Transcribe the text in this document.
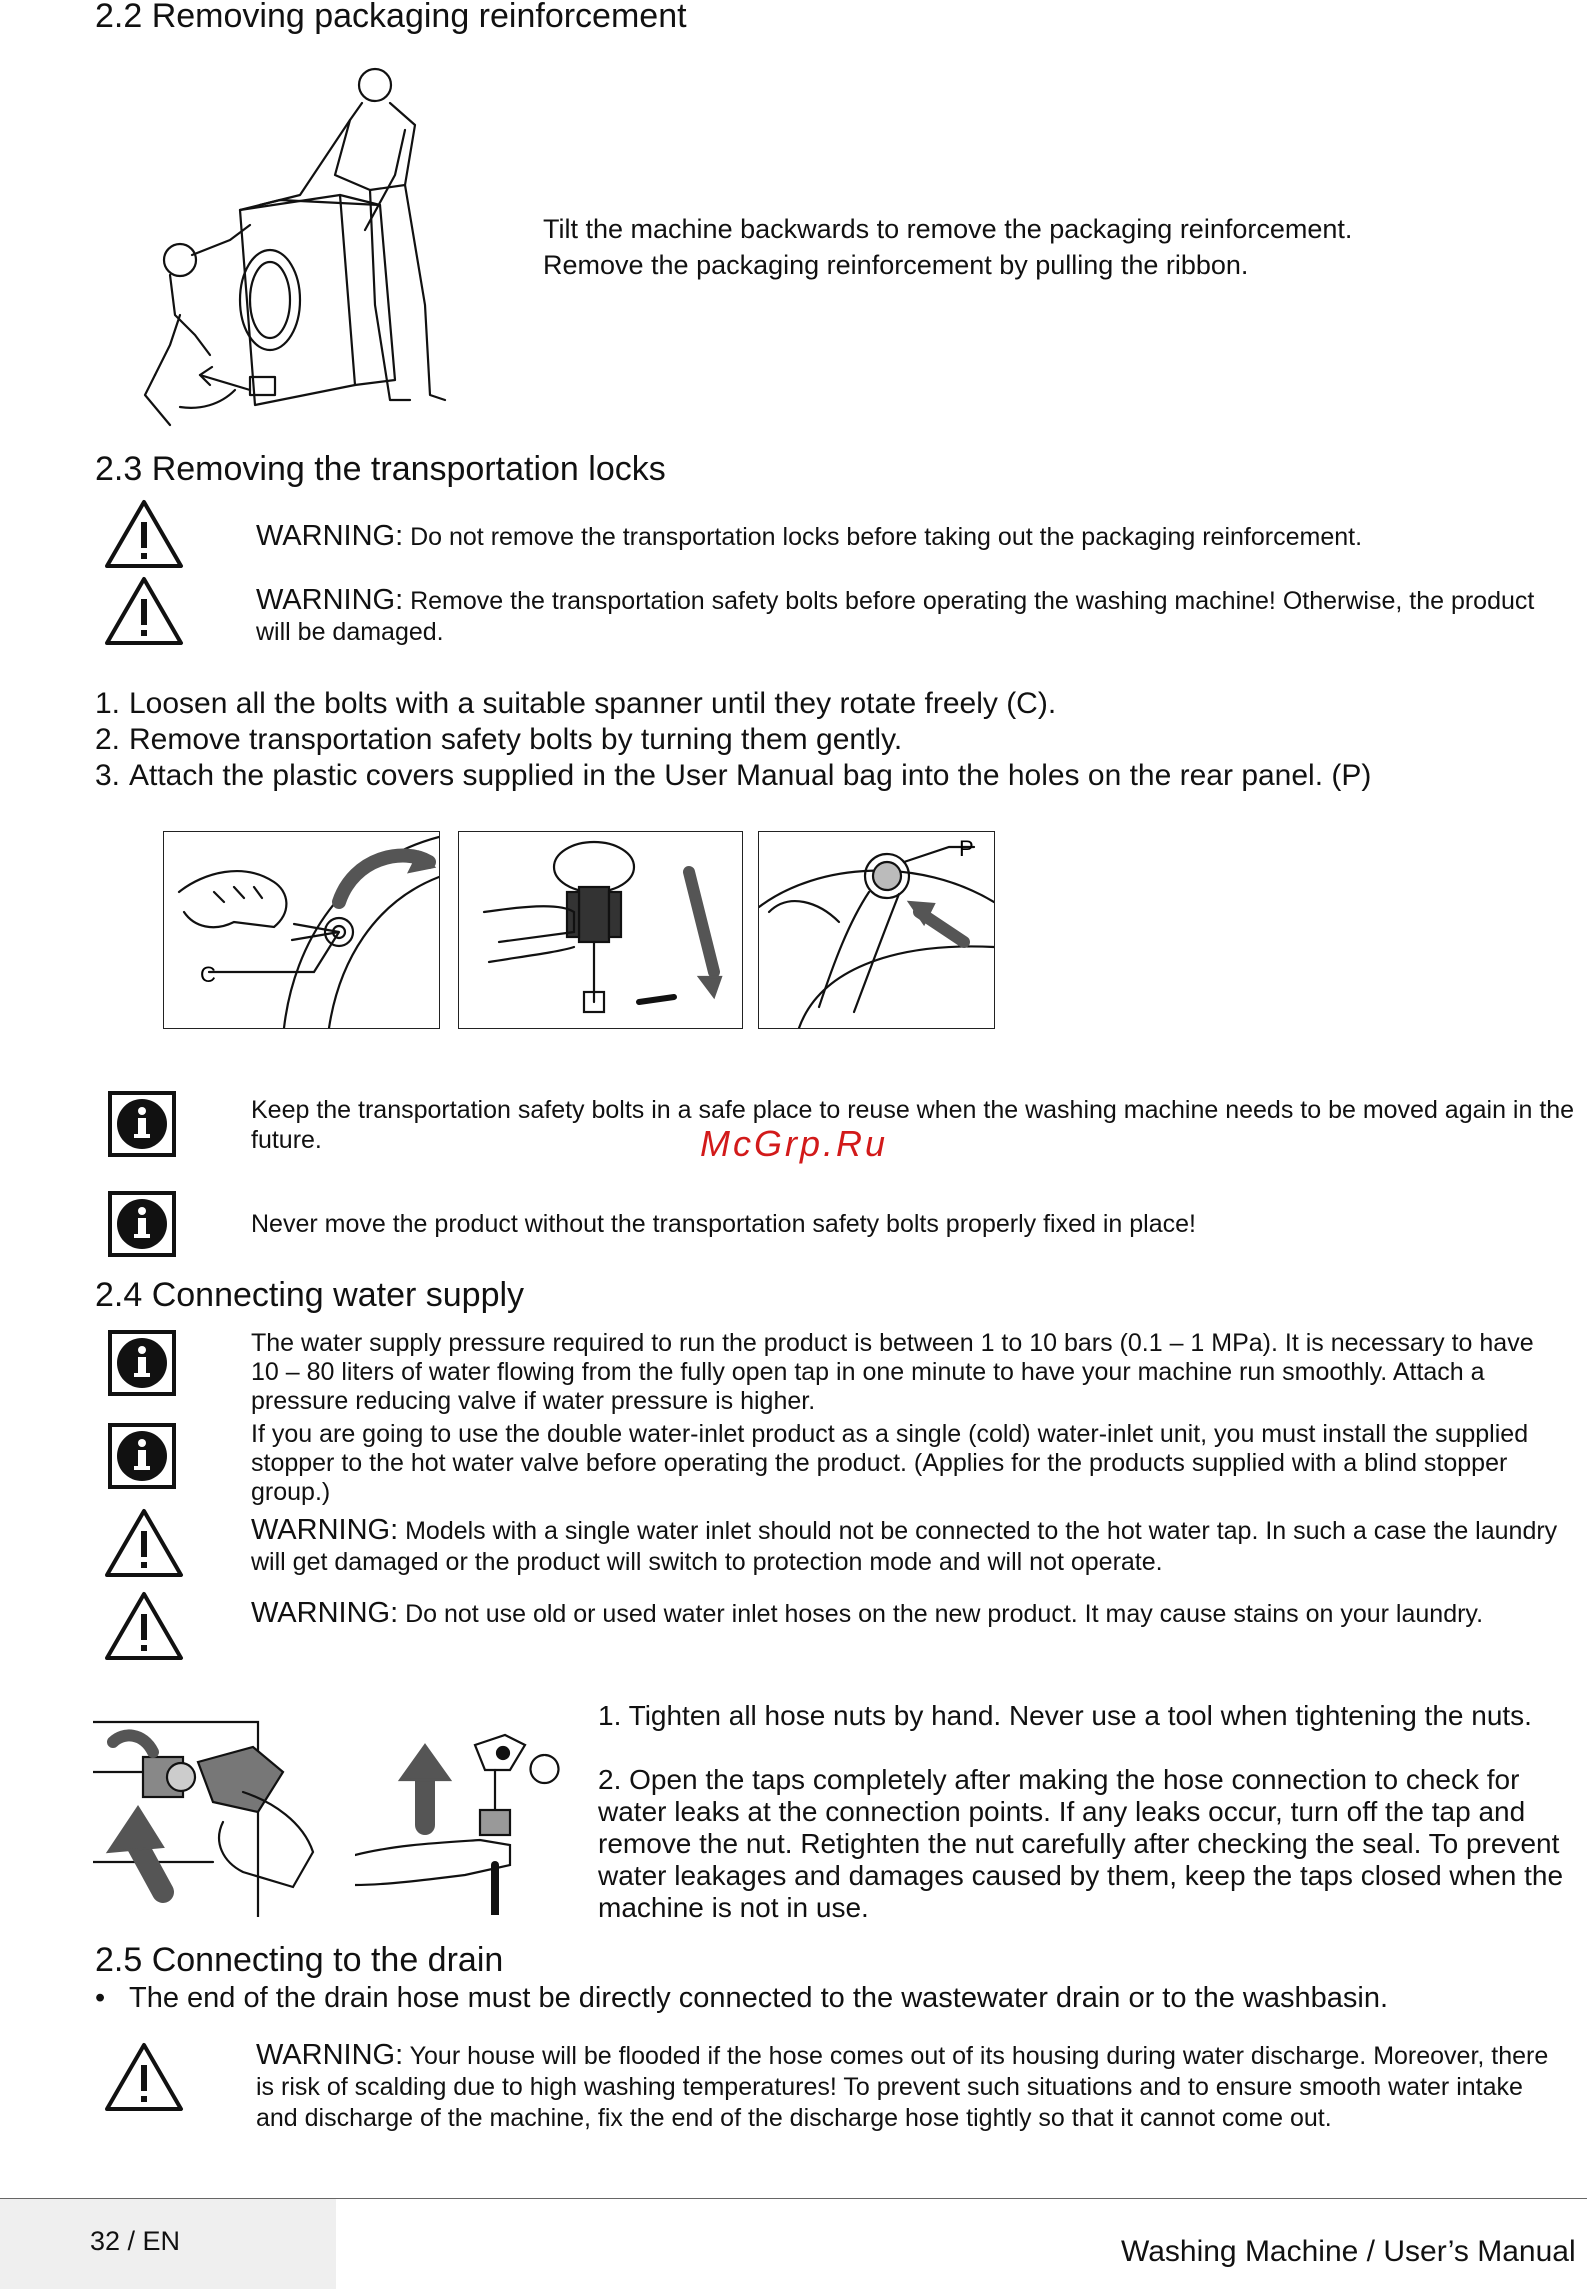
2.2 Removing packaging reinforcement
Tilt the machine backwards to remove the packaging reinforcement.
Remove the packaging reinforcement by pulling the ribbon.
2.3 Removing the transportation locks
WARNING: Do not remove the transportation locks before taking out the packaging reinforcement.
WARNING: Remove the transportation safety bolts before operating the washing machine! Otherwise, the product will be damaged.
1. Loosen all the bolts with a suitable spanner until they rotate freely (C).
2. Remove transportation safety bolts by turning them gently.
3. Attach the plastic covers supplied in the User Manual bag into the holes on the rear panel. (P)
C
P
Keep the transportation safety bolts in a safe place to reuse when the washing machine needs to be moved again in the future.	McGrp.Ru
Never move the product without the transportation safety bolts properly fixed in place!
2.4 Connecting water supply
The water supply pressure required to run the product is between 1 to 10 bars (0.1 – 1 MPa). It is necessary to have 10 – 80 liters of water flowing from the fully open tap in one minute to have your machine run smoothly. Attach a pressure reducing valve if water pressure is higher.
If you are going to use the double water-inlet product as a single (cold) water-inlet unit, you must install the supplied stopper to the hot water valve before operating the product. (Applies for the products supplied with a blind stopper group.)
WARNING: Models with a single water inlet should not be connected to the hot water tap. In such a case the laundry will get damaged or the product will switch to protection mode and will not operate.
WARNING: Do not use old or used water inlet hoses on the new product. It may cause stains on your laundry.
1. Tighten all hose nuts by hand. Never use a tool when tightening the nuts.
2. Open the taps completely after making the hose connection to check for water leaks at the connection points. If any leaks occur, turn off the tap and remove the nut. Retighten the nut carefully after checking the seal. To prevent water leakages and damages caused by them, keep the taps closed when the machine is not in use.
2.5 Connecting to the drain
• The end of the drain hose must be directly connected to the wastewater drain or to the washbasin.
WARNING: Your house will be flooded if the hose comes out of its housing during water discharge. Moreover, there is risk of scalding due to high washing temperatures! To prevent such situations and to ensure smooth water intake and discharge of the machine, fix the end of the discharge hose tightly so that it cannot come out.
32 / EN	Washing Machine / User’s Manual
